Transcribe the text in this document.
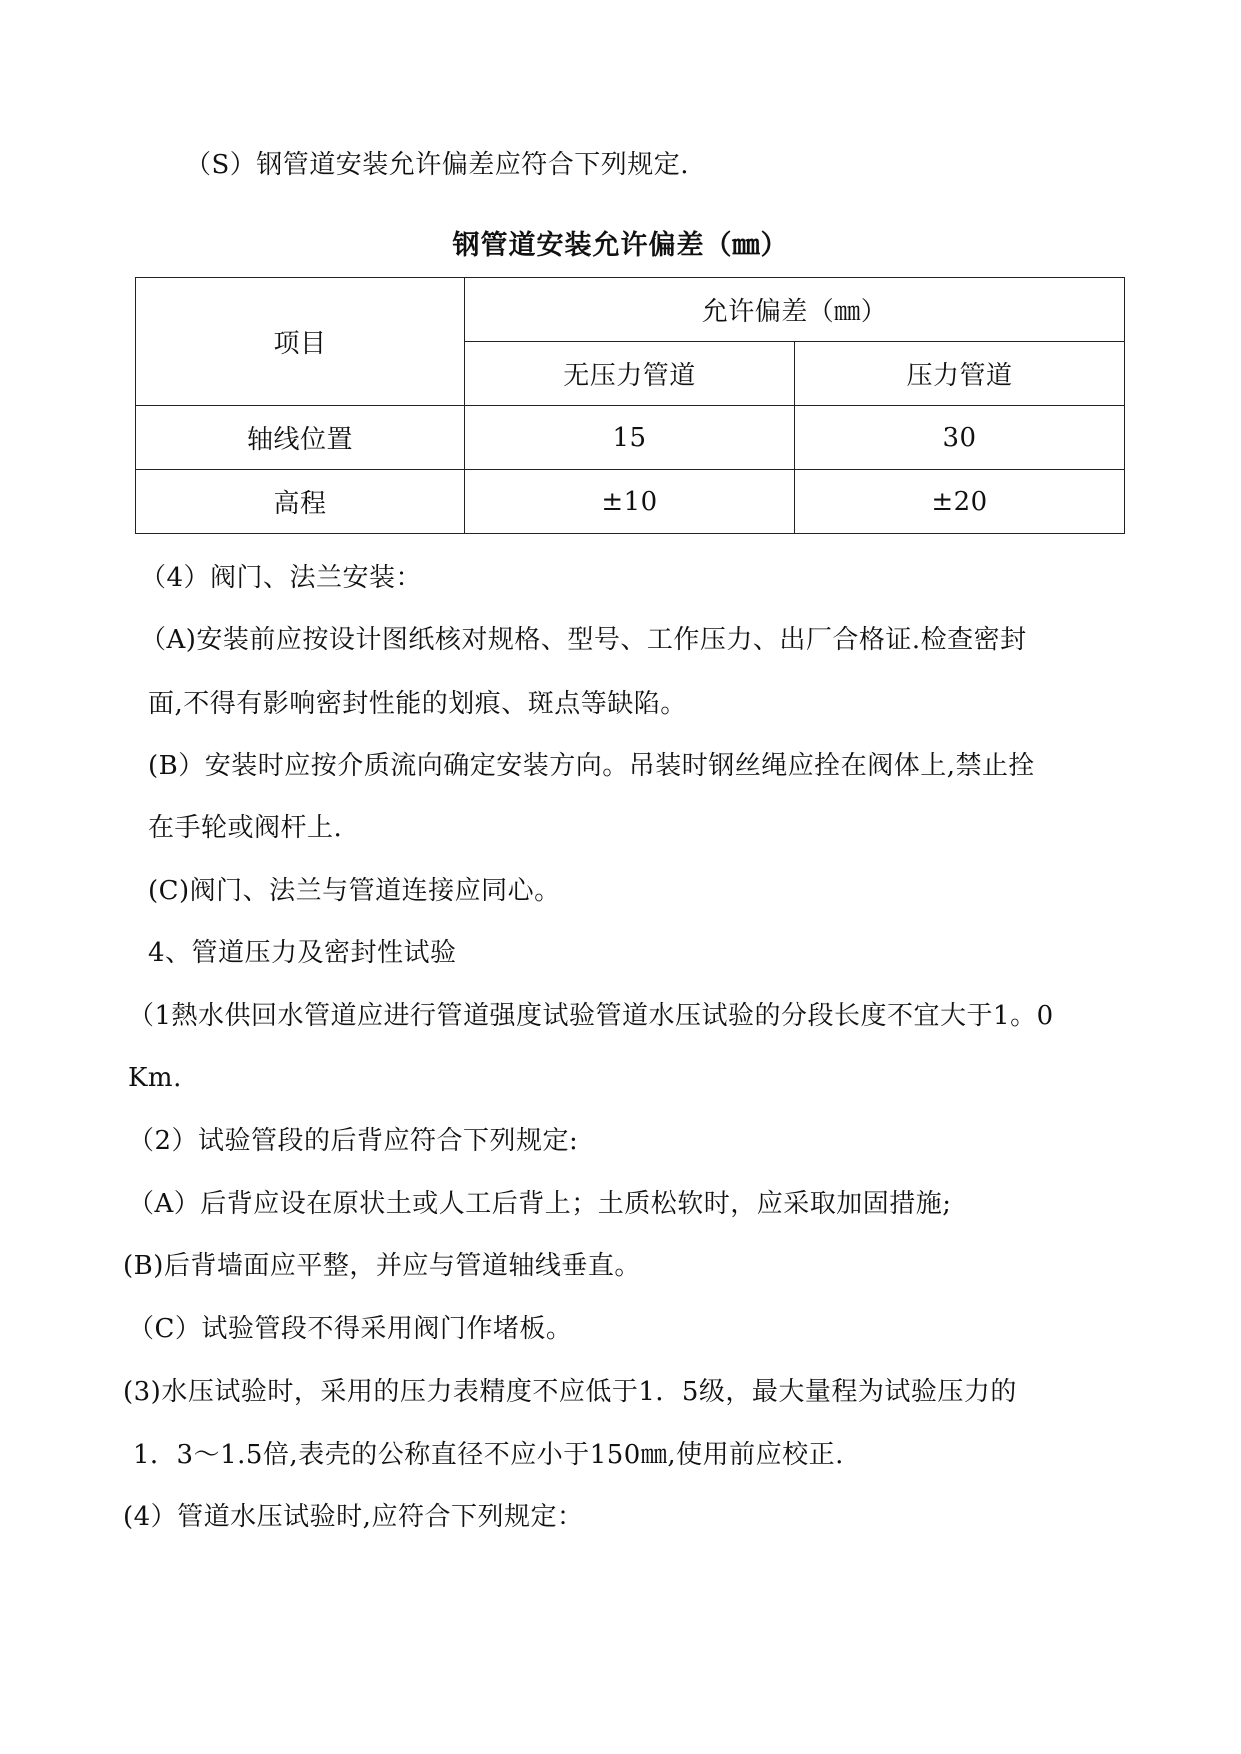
（S）钢管道安装允许偏差应符合下列规定.
钢管道安装允许偏差（㎜）
项目	允许偏差（㎜）	
	无压力管道	压力管道
轴线位置	15	30
高程	±10	±20
（4）阀门、法兰安装：
（A)安装前应按设计图纸核对规格、型号、工作压力、出厂合格证.检查密封
面,不得有影响密封性能的划痕、斑点等缺陷。
(B）安装时应按介质流向确定安装方向。吊装时钢丝绳应拴在阀体上,禁止拴
在手轮或阀杆上.
(C)阀门、法兰与管道连接应同心。
4、管道压力及密封性试验
（1熱水供回水管道应进行管道强度试验管道水压试验的分段长度不宜大于1。0
Km.
（2）试验管段的后背应符合下列规定:
（A）后背应设在原状土或人工后背上；土质松软时，应采取加固措施;
(B)后背墙面应平整，并应与管道轴线垂直。
（C）试验管段不得采用阀门作堵板。
(3)水压试验时，采用的压力表精度不应低于1．5级，最大量程为试验压力的
1．3～1.5倍,表壳的公称直径不应小于150㎜,使用前应校正.
(4）管道水压试验时,应符合下列规定：
